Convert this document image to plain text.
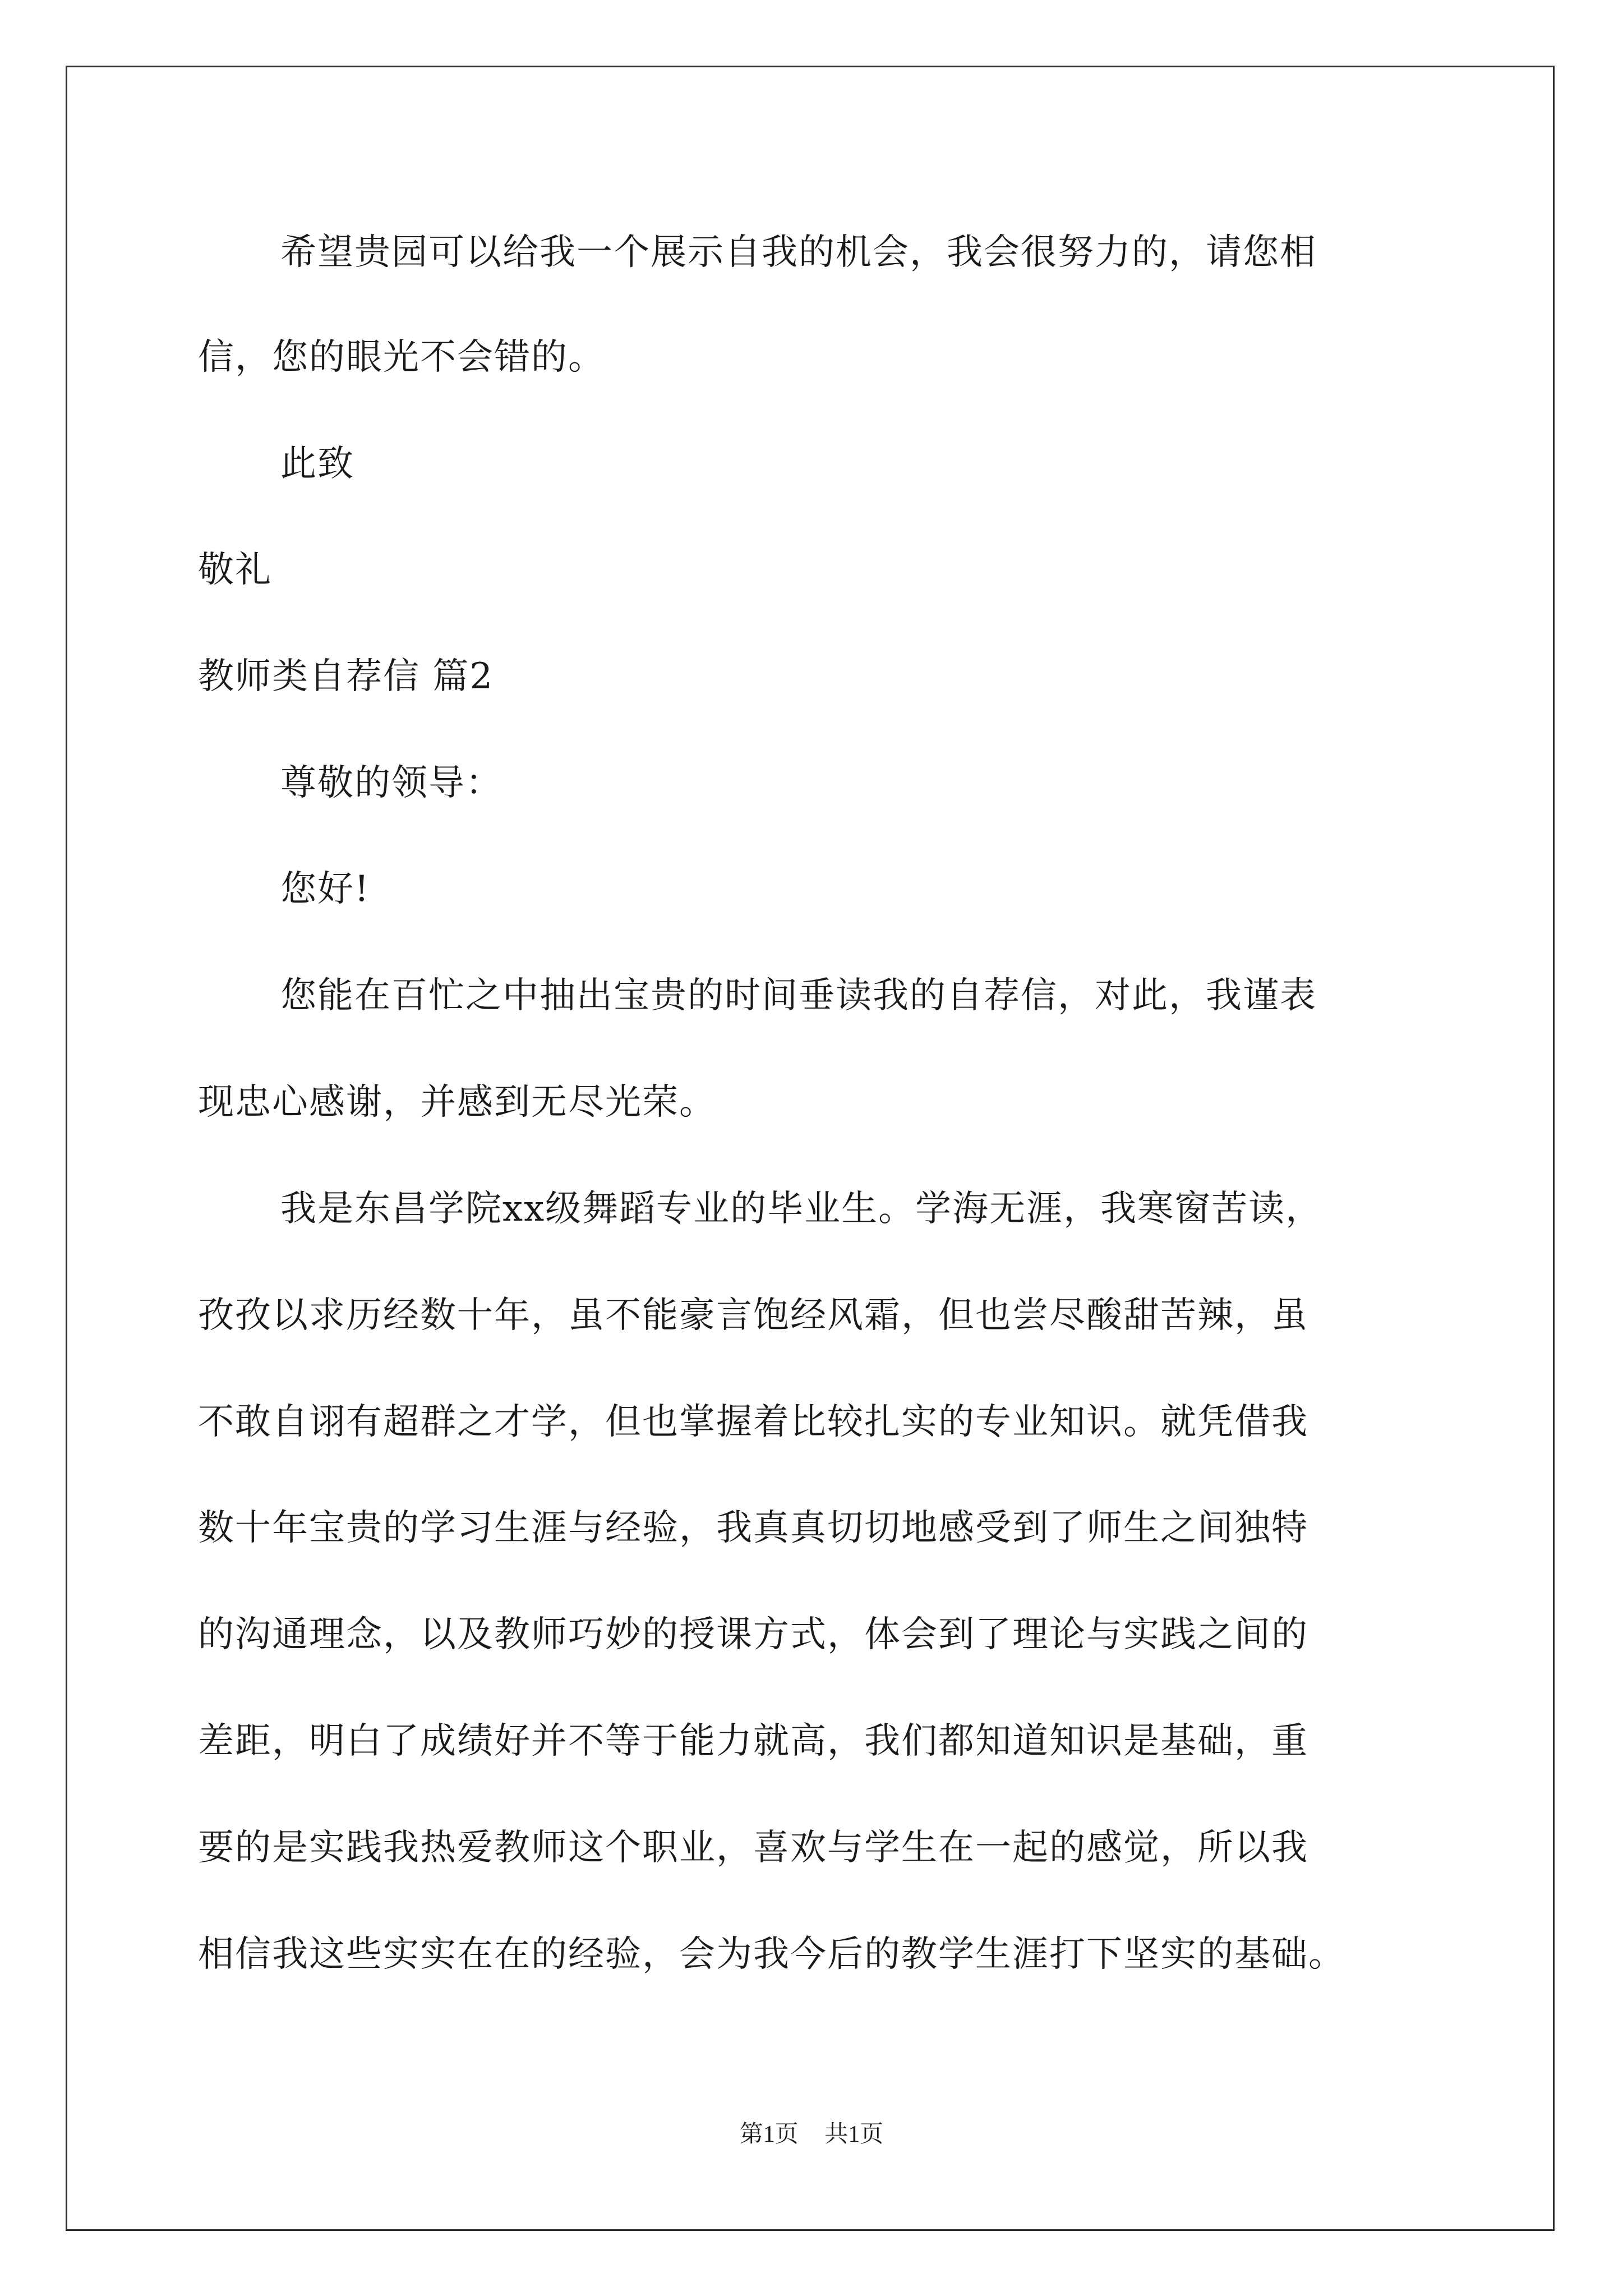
希望贵园可以给我一个展示自我的机会，我会很努力的，请您相
信，您的眼光不会错的。
此致
敬礼
教师类自荐信 篇2
尊敬的领导：
您好!
您能在百忙之中抽出宝贵的时间垂读我的自荐信，对此，我谨表
现忠心感谢，并感到无尽光荣。
我是东昌学院xx级舞蹈专业的毕业生。学海无涯，我寒窗苦读，
孜孜以求历经数十年，虽不能豪言饱经风霜，但也尝尽酸甜苦辣，虽
不敢自诩有超群之才学，但也掌握着比较扎实的专业知识。就凭借我
数十年宝贵的学习生涯与经验，我真真切切地感受到了师生之间独特
的沟通理念，以及教师巧妙的授课方式，体会到了理论与实践之间的
差距，明白了成绩好并不等于能力就高，我们都知道知识是基础，重
要的是实践我热爱教师这个职业，喜欢与学生在一起的感觉，所以我
相信我这些实实在在的经验，会为我今后的教学生涯打下坚实的基础。
第1页 共1页
